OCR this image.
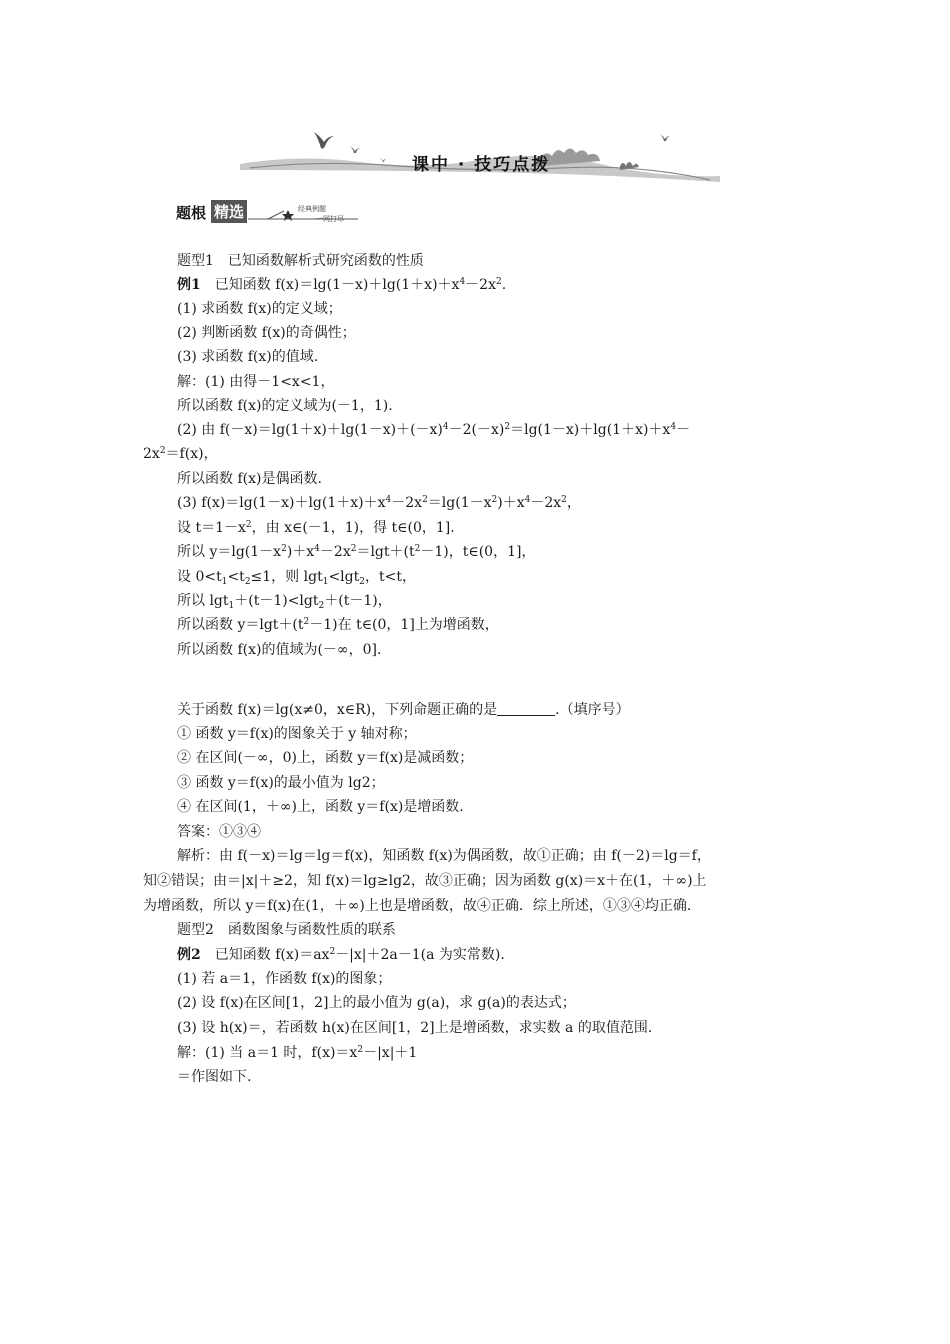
课中 · 技巧点拨
题根 精选	经典例题
一网打尽
题型1　已知函数解析式研究函数的性质
例1　已知函数 $f(x)=\lg(1-x)+\lg(1+x)+x^4-2x^2$.
(1) 求函数 f(x)的定义域；
(2) 判断函数 f(x)的奇偶性；
(3) 求函数 f(x)的值域.
解：(1) 由得－1<x<1，
所以函数 f(x)的定义域为(－1，1).
(2) 由 $f(-x)=\lg(1+x)+\lg(1-x)+(-x)^4-2(-x)^2=\lg(1-x)+\lg(1+x)+x^4-$
$2x^2=f(x)$，
所以函数 f(x)是偶函数.
(3) $f(x)=\lg(1-x)+\lg(1+x)+x^4-2x^2=\lg(1-x^2)+x^4-2x^2$，
设 $t=1-x^2$，由 x∈(－1，1)，得 t∈(0，1].
所以 $y=\lg(1-x^2)+x^4-2x^2=\lg t+(t^2-1)$，t∈(0，1]，
设 $0<t_1<t_2\le 1$，则 lgt$_1$<lgt$_2$，t<t，
所以 lgt$_1$＋(t－1)<lgt$_2$＋(t－1)，
所以函数 $y=\lg t+(t^2-1)$在 t∈(0，1]上为增函数，
所以函数 f(x)的值域为(－∞，0].
关于函数 f(x)＝lg(x≠0，x∈R)，下列命题正确的是	.（填序号）
① 函数 y＝f(x)的图象关于 y 轴对称；
② 在区间(－∞，0)上，函数 y＝f(x)是减函数；
③ 函数 y＝f(x)的最小值为 lg2；
④ 在区间(1，＋∞)上，函数 y＝f(x)是增函数.
答案：①③④
解析：由 f(－x)＝lg＝lg＝f(x)，知函数 f(x)为偶函数，故①正确；由 f(－2)＝lg＝f，
知②错误；由＝|x|＋≥2，知 f(x)＝lg≥lg2，故③正确；因为函数 g(x)＝x＋在(1，＋∞)上
为增函数，所以 y＝f(x)在(1，＋∞)上也是增函数，故④正确．综上所述，①③④均正确.
题型2　函数图象与函数性质的联系
例2　已知函数 $f(x)=ax^2-|x|+2a-1(a$ 为实常数).
(1) 若 a＝1，作函数 f(x)的图象；
(2) 设 f(x)在区间[1，2]上的最小值为 g(a)，求 g(a)的表达式；
(3) 设 h(x)＝，若函数 h(x)在区间[1，2]上是增函数，求实数 a 的取值范围.
解：(1) 当 a＝1 时，$f(x)=x^2-|x|+1$
＝作图如下.
